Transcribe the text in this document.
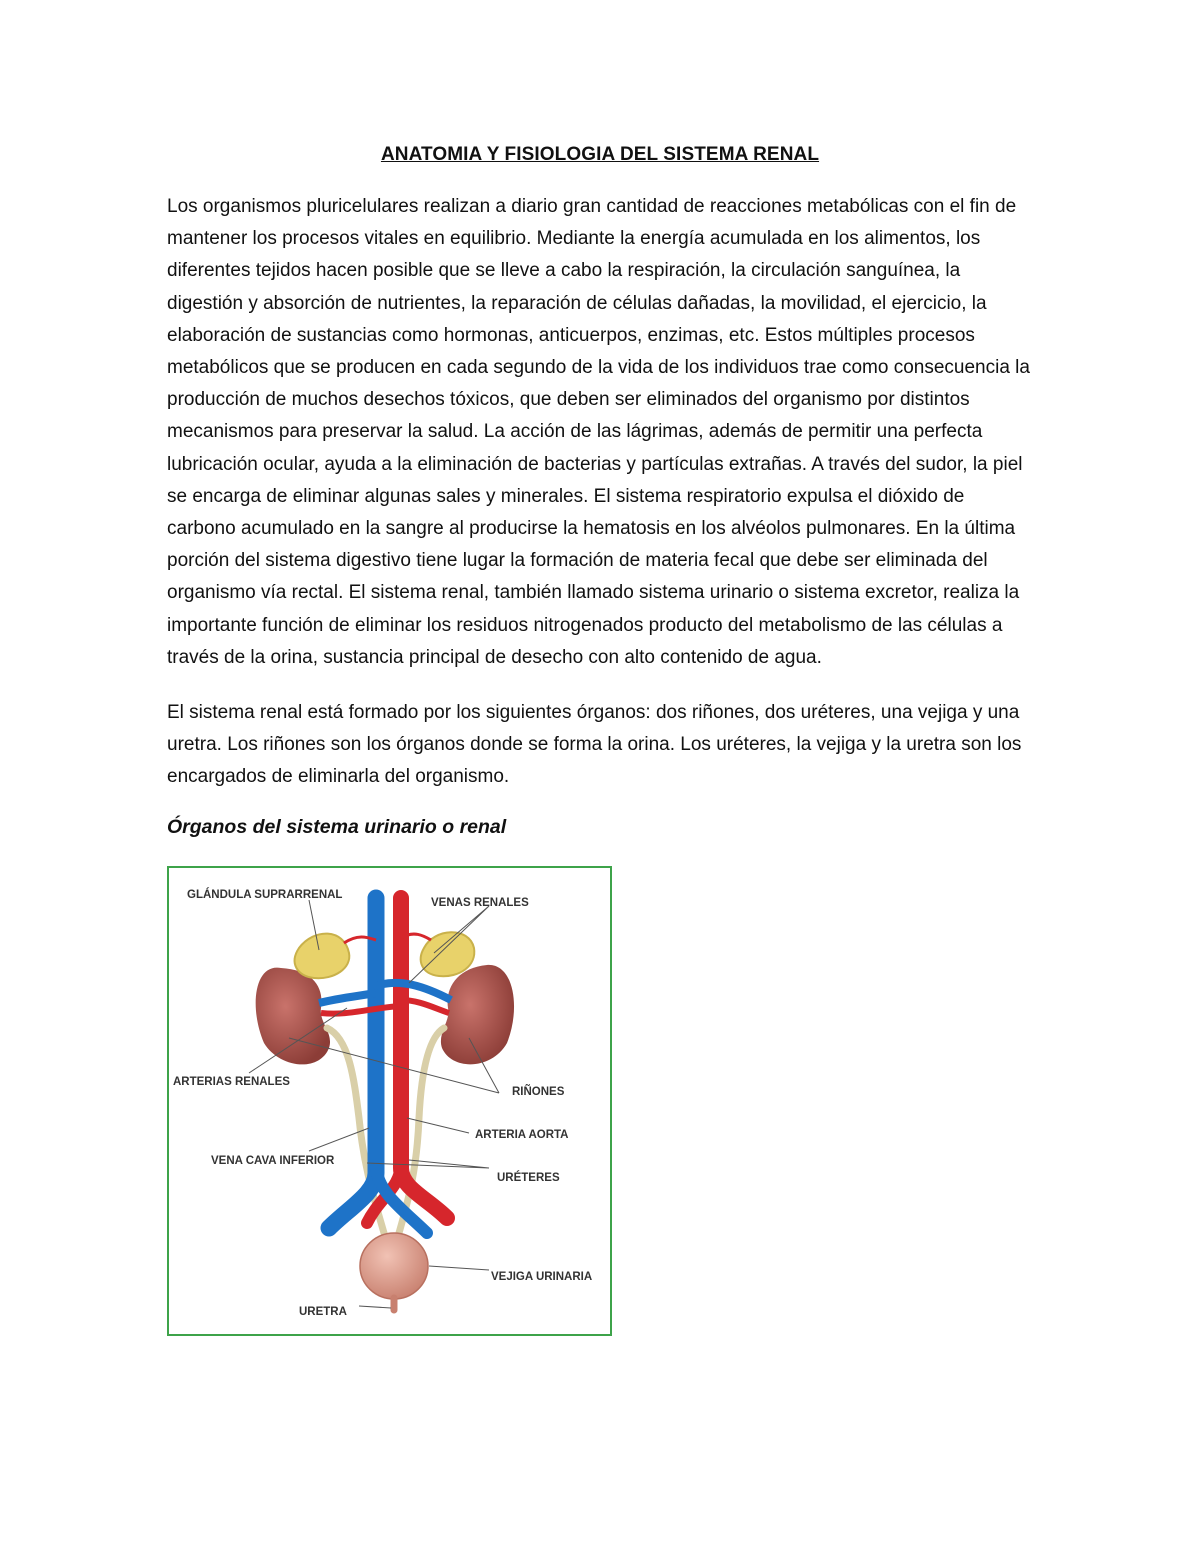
ANATOMIA Y FISIOLOGIA DEL SISTEMA RENAL

Los organismos pluricelulares realizan a diario gran cantidad de reacciones metabólicas con el fin de mantener los procesos vitales en equilibrio. Mediante la energía acumulada en los alimentos, los diferentes tejidos hacen posible que se lleve a cabo la respiración, la circulación sanguínea, la digestión y absorción de nutrientes, la reparación de células dañadas, la movilidad, el ejercicio, la elaboración de sustancias como hormonas, anticuerpos, enzimas, etc. Estos múltiples procesos metabólicos que se producen en cada segundo de la vida de los individuos trae como consecuencia la producción de muchos desechos tóxicos, que deben ser eliminados del organismo por distintos mecanismos para preservar la salud. La acción de las lágrimas, además de permitir una perfecta lubricación ocular, ayuda a la eliminación de bacterias y partículas extrañas. A través del sudor, la piel se encarga de eliminar algunas sales y minerales. El sistema respiratorio expulsa el dióxido de carbono acumulado en la sangre al producirse la hematosis en los alvéolos pulmonares. En la última porción del sistema digestivo tiene lugar la formación de materia fecal que debe ser eliminada del organismo vía rectal. El sistema renal, también llamado sistema urinario o sistema excretor, realiza la importante función de eliminar los residuos nitrogenados producto del metabolismo de las células a través de la orina, sustancia principal de desecho con alto contenido de agua.

El sistema renal está formado por los siguientes órganos: dos riñones, dos uréteres, una vejiga y una uretra. Los riñones son los órganos donde se forma la orina. Los uréteres, la vejiga y la uretra son los encargados de eliminarla del organismo.

Órganos del sistema urinario o renal
GLÁNDULA SUPRARRENAL
VENAS RENALES
ARTERIAS RENALES
RIÑONES
ARTERIA AORTA
VENA CAVA INFERIOR
URÉTERES
VEJIGA URINARIA
URETRA
